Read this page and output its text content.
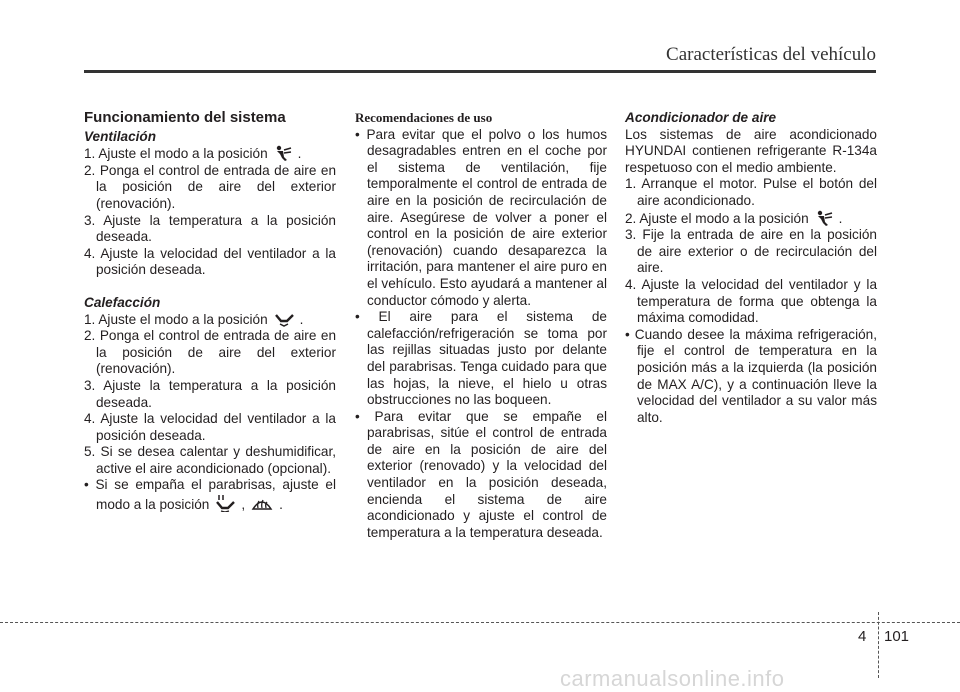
Características del vehículo
Funcionamiento del sistema
Ventilación
1. Ajuste el modo a la posición .
2. Ponga el control de entrada de aire en la posición de aire del exterior (renovación).
3. Ajuste la temperatura a la posición deseada.
4. Ajuste la velocidad del ventilador a la posición deseada.
Calefacción
1. Ajuste el modo a la posición .
2. Ponga el control de entrada de aire en la posición de aire del exterior (renovación).
3. Ajuste la temperatura a la posición deseada.
4. Ajuste la velocidad del ventilador a la posición deseada.
5. Si se desea calentar y deshumidificar, active el aire acondicionado (opcional).
• Si se empaña el parabrisas, ajuste el modo a la posición ,	.
Recomendaciones de uso
• Para evitar que el polvo o los humos desagradables entren en el coche por el sistema de ventilación, fije temporalmente el control de entrada de aire en la posición de recirculación de aire. Asegúrese de volver a poner el control en la posición de aire exterior (renovación) cuando desaparezca la irritación, para mantener el aire puro en el vehículo. Esto ayudará a mantener al conductor cómodo y alerta.
• El aire para el sistema de calefacción/refrigeración se toma por las rejillas situadas justo por delante del parabrisas. Tenga cuidado para que las hojas, la nieve, el hielo u otras obstrucciones no las boqueen.
• Para evitar que se empañe el parabrisas, sitúe el control de entrada de aire en la posición de aire del exterior (renovado) y la velocidad del ventilador en la posición deseada, encienda el sistema de aire acondicionado y ajuste el control de temperatura a la temperatura deseada.
Acondicionador de aire

Los sistemas de aire acondicionado HYUNDAI contienen refrigerante R-134a respetuoso con el medio ambiente.

1. Arranque el motor. Pulse el botón del aire acondicionado.
2. Ajuste el modo a la posición .
3. Fije la entrada de aire en la posición de aire exterior o de recirculación del aire.
4. Ajuste la velocidad del ventilador y la temperatura de forma que obtenga la máxima comodidad.
• Cuando desee la máxima refrigeración, fije el control de temperatura en la posición más a la izquierda (la posición de MAX A/C), y a continuación lleve la velocidad del ventilador a su valor más alto.
4 101
carmanualsonline.info
